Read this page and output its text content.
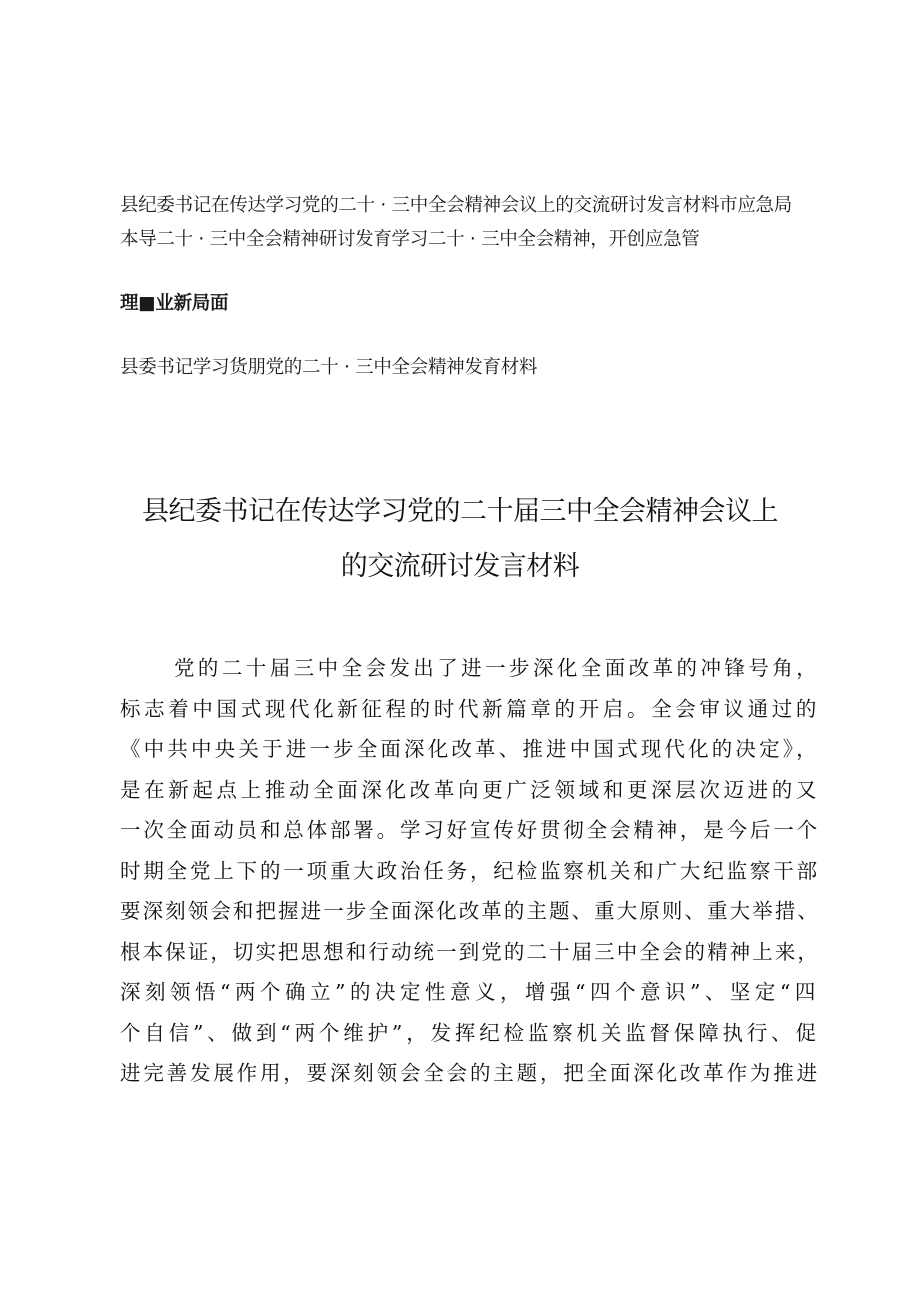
县纪委书记在传达学习党的二十 · 三中全会精神会议上的交流研讨发言材料市应急局
本导二十 · 三中全会精神研讨发育学习二十 · 三中全会精神，开创应急管
理■业新局面
县委书记学习货朋党的二十 · 三中全会精神发育材料
县纪委书记在传达学习党的二十届三中全会精神会议上
的交流研讨发言材料
党的二十届三中全会发出了进一步深化全面改革的冲锋号角，
标志着中国式现代化新征程的时代新篇章的开启。全会审议通过的
《中共中央关于进一步全面深化改革、推进中国式现代化的决定》，
是在新起点上推动全面深化改革向更广泛领域和更深层次迈进的又
一次全面动员和总体部署。学习好宣传好贯彻全会精神，是今后一个
时期全党上下的一项重大政治任务，纪检监察机关和广大纪监察干部
要深刻领会和把握进一步全面深化改革的主题、重大原则、重大举措、
根本保证，切实把思想和行动统一到党的二十届三中全会的精神上来，
深刻领悟“两个确立”的决定性意义，增强“四个意识”、坚定“四
个自信”、做到“两个维护”，发挥纪检监察机关监督保障执行、促
进完善发展作用，要深刻领会全会的主题，把全面深化改革作为推进
